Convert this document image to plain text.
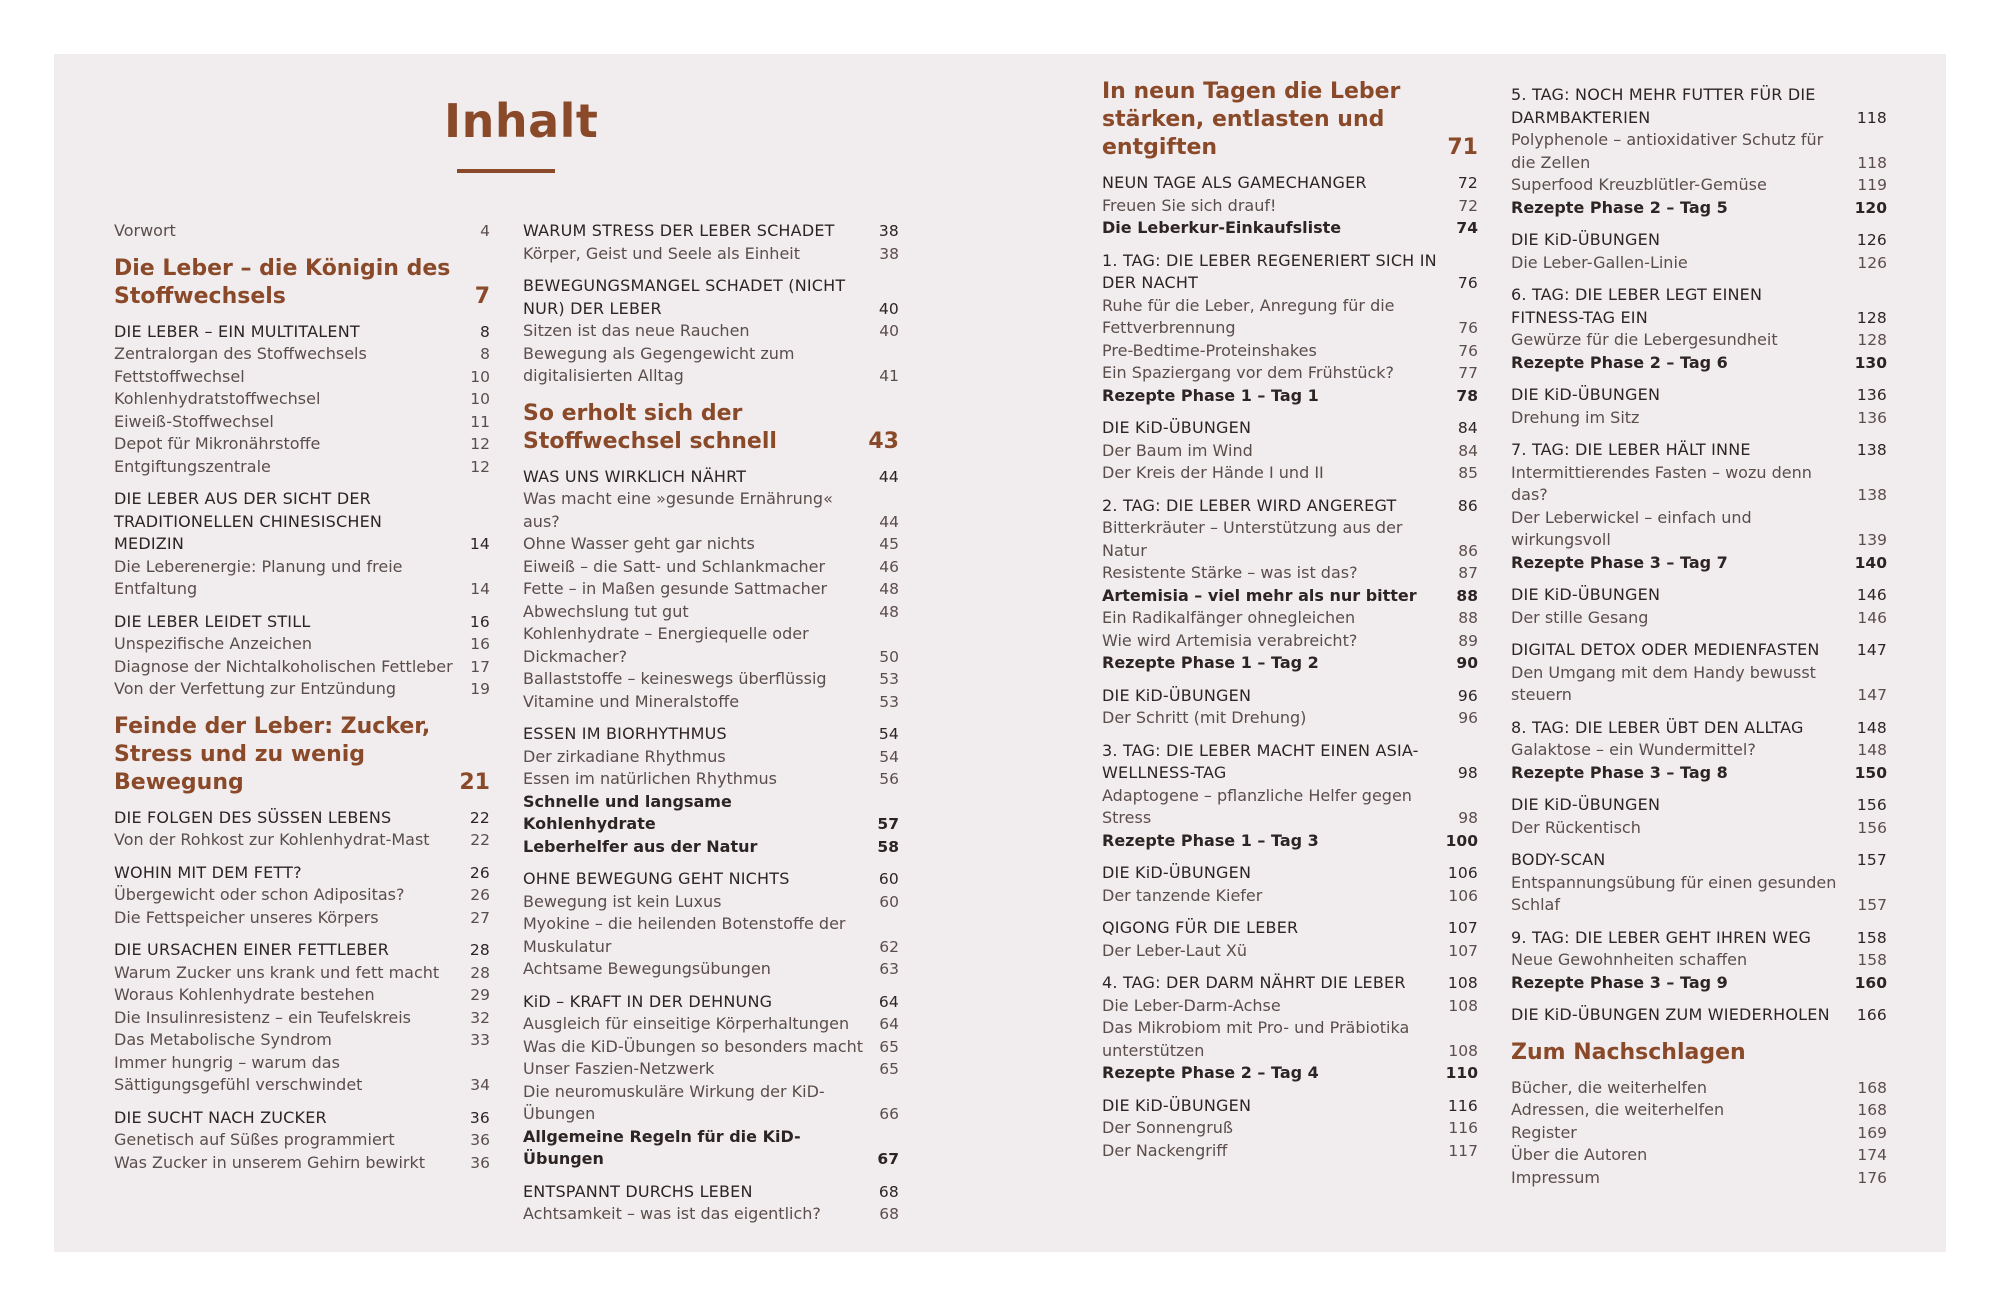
Inhalt
Vorwort	4
Die Leber – die Königin des Stoffwechsels	7
DIE LEBER – EIN MULTITALENT	8
Zentralorgan des Stoffwechsels	8
Fettstoffwechsel	10
Kohlenhydratstoffwechsel	10
Eiweiß-Stoffwechsel	11
Depot für Mikronährstoffe	12
Entgiftungszentrale	12
DIE LEBER AUS DER SICHT DER TRADITIONELLEN CHINESISCHEN MEDIZIN	14
Die Leberenergie: Planung und freie Entfaltung	14
DIE LEBER LEIDET STILL	16
Unspezifische Anzeichen	16
Diagnose der Nichtalkoholischen Fettleber	17
Von der Verfettung zur Entzündung	19
Feinde der Leber: Zucker, Stress und zu wenig Bewegung	21
DIE FOLGEN DES SÜSSEN LEBENS	22
Von der Rohkost zur Kohlenhydrat-Mast	22
WOHIN MIT DEM FETT?	26
Übergewicht oder schon Adipositas?	26
Die Fettspeicher unseres Körpers	27
DIE URSACHEN EINER FETTLEBER	28
Warum Zucker uns krank und fett macht	28
Woraus Kohlenhydrate bestehen	29
Die Insulinresistenz – ein Teufelskreis	32
Das Metabolische Syndrom	33
Immer hungrig – warum das Sättigungsgefühl verschwindet	34
DIE SUCHT NACH ZUCKER	36
Genetisch auf Süßes programmiert	36
Was Zucker in unserem Gehirn bewirkt	36
WARUM STRESS DER LEBER SCHADET	38
Körper, Geist und Seele als Einheit	38
BEWEGUNGSMANGEL SCHADET (NICHT NUR) DER LEBER	40
Sitzen ist das neue Rauchen	40
Bewegung als Gegengewicht zum digitalisierten Alltag	41
So erholt sich der Stoffwechsel schnell	43
WAS UNS WIRKLICH NÄHRT	44
Was macht eine »gesunde Ernährung« aus?	44
Ohne Wasser geht gar nichts	45
Eiweiß – die Satt- und Schlankmacher	46
Fette – in Maßen gesunde Sattmacher	48
Abwechslung tut gut	48
Kohlenhydrate – Energiequelle oder Dickmacher?	50
Ballaststoffe – keineswegs überflüssig	53
Vitamine und Mineralstoffe	53
ESSEN IM BIORHYTHMUS	54
Der zirkadiane Rhythmus	54
Essen im natürlichen Rhythmus	56
Schnelle und langsame Kohlenhydrate	57
Leberhelfer aus der Natur	58
OHNE BEWEGUNG GEHT NICHTS	60
Bewegung ist kein Luxus	60
Myokine – die heilenden Botenstoffe der Muskulatur	62
Achtsame Bewegungsübungen	63
KiD – KRAFT IN DER DEHNUNG	64
Ausgleich für einseitige Körperhaltungen	64
Was die KiD-Übungen so besonders macht	65
Unser Faszien-Netzwerk	65
Die neuromuskuläre Wirkung der KiD-Übungen	66
Allgemeine Regeln für die KiD-Übungen	67
ENTSPANNT DURCHS LEBEN	68
Achtsamkeit – was ist das eigentlich?	68
In neun Tagen die Leber stärken, entlasten und entgiften	71
NEUN TAGE ALS GAMECHANGER	72
Freuen Sie sich drauf!	72
Die Leberkur-Einkaufsliste	74
1. TAG: DIE LEBER REGENERIERT SICH IN DER NACHT	76
Ruhe für die Leber, Anregung für die Fettverbrennung	76
Pre-Bedtime-Proteinshakes	76
Ein Spaziergang vor dem Frühstück?	77
Rezepte Phase 1 – Tag 1	78
DIE KiD-ÜBUNGEN	84
Der Baum im Wind	84
Der Kreis der Hände I und II	85
2. TAG: DIE LEBER WIRD ANGEREGT	86
Bitterkräuter – Unterstützung aus der Natur	86
Resistente Stärke – was ist das?	87
Artemisia – viel mehr als nur bitter	88
Ein Radikalfänger ohnegleichen	88
Wie wird Artemisia verabreicht?	89
Rezepte Phase 1 – Tag 2	90
DIE KiD-ÜBUNGEN	96
Der Schritt (mit Drehung)	96
3. TAG: DIE LEBER MACHT EINEN ASIA-WELLNESS-TAG	98
Adaptogene – pflanzliche Helfer gegen Stress	98
Rezepte Phase 1 – Tag 3	100
DIE KiD-ÜBUNGEN	106
Der tanzende Kiefer	106
QIGONG FÜR DIE LEBER	107
Der Leber-Laut Xü	107
4. TAG: DER DARM NÄHRT DIE LEBER	108
Die Leber-Darm-Achse	108
Das Mikrobiom mit Pro- und Präbiotika unterstützen	108
Rezepte Phase 2 – Tag 4	110
DIE KiD-ÜBUNGEN	116
Der Sonnengruß	116
Der Nackengriff	117
5. TAG: NOCH MEHR FUTTER FÜR DIE DARMBAKTERIEN	118
Polyphenole – antioxidativer Schutz für die Zellen	118
Superfood Kreuzblütler-Gemüse	119
Rezepte Phase 2 – Tag 5	120
DIE KiD-ÜBUNGEN	126
Die Leber-Gallen-Linie	126
6. TAG: DIE LEBER LEGT EINEN FITNESS-TAG EIN	128
Gewürze für die Lebergesundheit	128
Rezepte Phase 2 – Tag 6	130
DIE KiD-ÜBUNGEN	136
Drehung im Sitz	136
7. TAG: DIE LEBER HÄLT INNE	138
Intermittierendes Fasten – wozu denn das?	138
Der Leberwickel – einfach und wirkungsvoll	139
Rezepte Phase 3 – Tag 7	140
DIE KiD-ÜBUNGEN	146
Der stille Gesang	146
DIGITAL DETOX ODER MEDIENFASTEN	147
Den Umgang mit dem Handy bewusst steuern	147
8. TAG: DIE LEBER ÜBT DEN ALLTAG	148
Galaktose – ein Wundermittel?	148
Rezepte Phase 3 – Tag 8	150
DIE KiD-ÜBUNGEN	156
Der Rückentisch	156
BODY-SCAN	157
Entspannungsübung für einen gesunden Schlaf	157
9. TAG: DIE LEBER GEHT IHREN WEG	158
Neue Gewohnheiten schaffen	158
Rezepte Phase 3 – Tag 9	160
DIE KiD-ÜBUNGEN ZUM WIEDERHOLEN	166
Zum Nachschlagen
Bücher, die weiterhelfen	168
Adressen, die weiterhelfen	168
Register	169
Über die Autoren	174
Impressum	176
